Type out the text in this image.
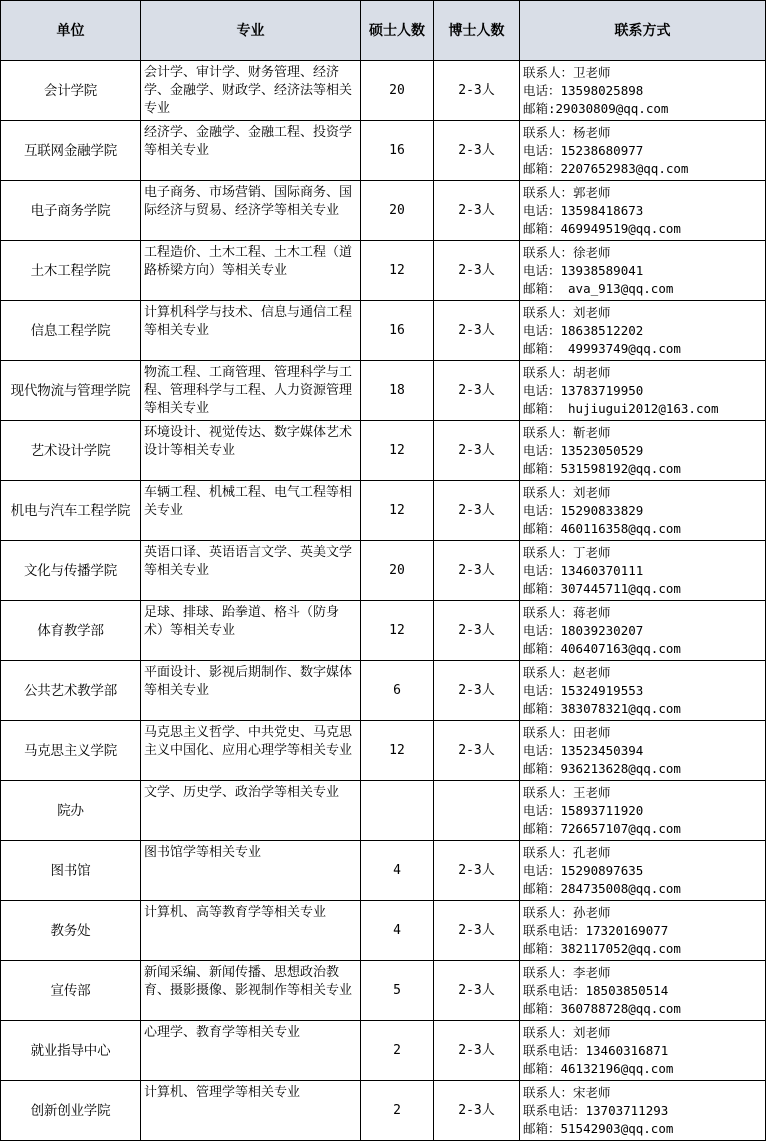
单位	专业	硕士人数	博士人数	联系方式
会计学院	会计学、审计学、财务管理、经济学、金融学、财政学、经济法等相关专业	20	2-3人	联系人：卫老师
电话：13598025898
邮箱:29030809@qq.com

互联网金融学院	经济学、金融学、金融工程、投资学等相关专业	16	2-3人	联系人：杨老师
电话：15238680977
邮箱：2207652983@qq.com

电子商务学院	电子商务、市场营销、国际商务、国际经济与贸易、经济学等相关专业	20	2-3人	联系人：郭老师
电话：13598418673
邮箱：469949519@qq.com

土木工程学院	工程造价、土木工程、土木工程（道路桥梁方向）等相关专业	12	2-3人	联系人：徐老师
电话：13938589041
邮箱： ava_913@qq.com

信息工程学院	计算机科学与技术、信息与通信工程等相关专业	16	2-3人	联系人：刘老师
电话：18638512202
邮箱： 49993749@qq.com

现代物流与管理学院	物流工程、工商管理、管理科学与工程、管理科学与工程、人力资源管理等相关专业	18	2-3人	联系人：胡老师
电话：13783719950
邮箱： hujiugui2012@163.com

艺术设计学院	环境设计、视觉传达、数字媒体艺术设计等相关专业	12	2-3人	联系人：靳老师
电话：13523050529
邮箱：531598192@qq.com

机电与汽车工程学院	车辆工程、机械工程、电气工程等相关专业	12	2-3人	联系人：刘老师
电话：15290833829
邮箱：460116358@qq.com

文化与传播学院	英语口译、英语语言文学、英美文学等相关专业	20	2-3人	联系人：丁老师
电话：13460370111
邮箱：307445711@qq.com

体育教学部	足球、排球、跆拳道、格斗（防身术）等相关专业	12	2-3人	联系人：蒋老师
电话：18039230207
邮箱：406407163@qq.com

公共艺术教学部	平面设计、影视后期制作、数字媒体等相关专业	6	2-3人	联系人：赵老师
电话：15324919553
邮箱：383078321@qq.com

马克思主义学院	马克思主义哲学、中共党史、马克思主义中国化、应用心理学等相关专业	12	2-3人	联系人：田老师
电话：13523450394
邮箱：936213628@qq.com

院办	文学、历史学、政治学等相关专业			联系人：王老师
电话：15893711920
邮箱：726657107@qq.com

图书馆	图书馆学等相关专业	4	2-3人	联系人：孔老师
电话：15290897635
邮箱：284735008@qq.com

教务处	计算机、高等教育学等相关专业	4	2-3人	联系人：孙老师
联系电话：17320169077
邮箱：382117052@qq.com

宣传部	新闻采编、新闻传播、思想政治教育、摄影摄像、影视制作等相关专业	5	2-3人	联系人：李老师
联系电话：18503850514
邮箱：360788728@qq.com

就业指导中心	心理学、教育学等相关专业	2	2-3人	联系人：刘老师
联系电话：13460316871
邮箱：46132196@qq.com

创新创业学院	计算机、管理学等相关专业	2	2-3人	联系人：宋老师
联系电话：13703711293
邮箱：51542903@qq.com
